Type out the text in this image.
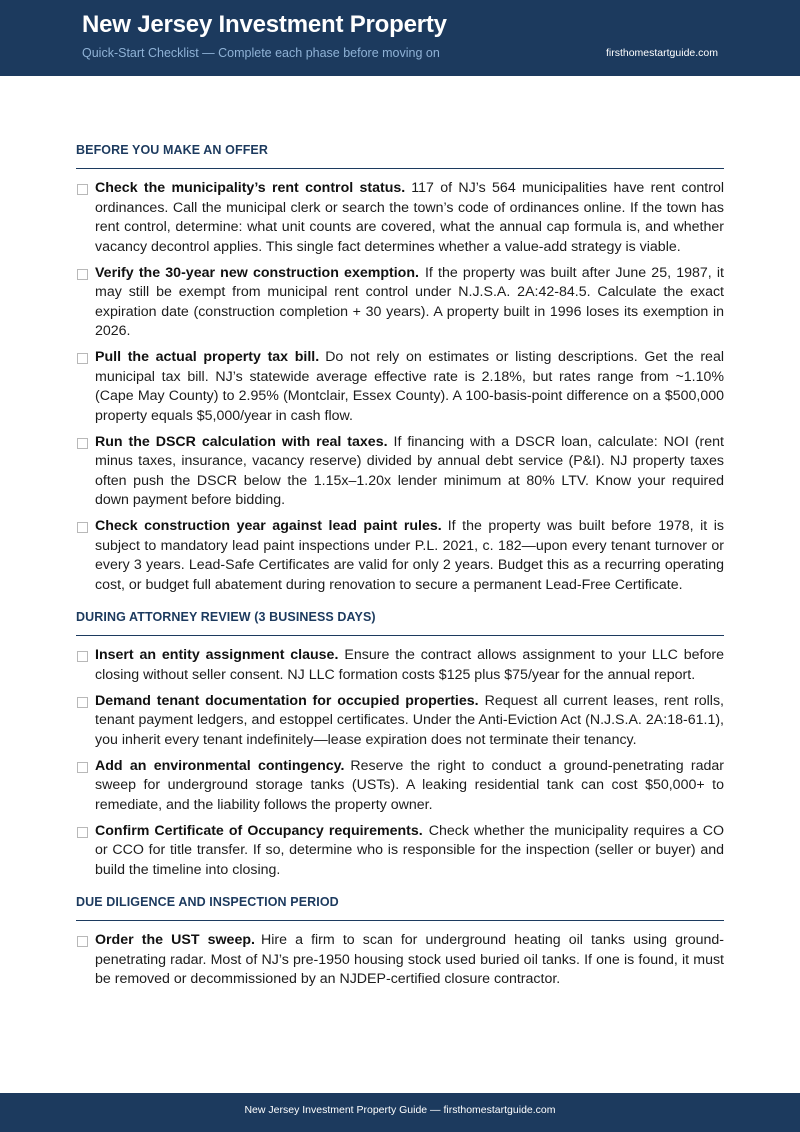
New Jersey Investment Property
Quick-Start Checklist — Complete each phase before moving on	firsthomestartguide.com
BEFORE YOU MAKE AN OFFER
Check the municipality’s rent control status. 117 of NJ’s 564 municipalities have rent control ordinances. Call the municipal clerk or search the town’s code of ordinances online. If the town has rent control, determine: what unit counts are covered, what the annual cap formula is, and whether vacancy decontrol applies. This single fact determines whether a value-add strategy is viable.
Verify the 30-year new construction exemption. If the property was built after June 25, 1987, it may still be exempt from municipal rent control under N.J.S.A. 2A:42-84.5. Calculate the exact expiration date (construction completion + 30 years). A property built in 1996 loses its exemption in 2026.
Pull the actual property tax bill. Do not rely on estimates or listing descriptions. Get the real municipal tax bill. NJ’s statewide average effective rate is 2.18%, but rates range from ~1.10% (Cape May County) to 2.95% (Montclair, Essex County). A 100-basis-point difference on a $500,000 property equals $5,000/year in cash flow.
Run the DSCR calculation with real taxes. If financing with a DSCR loan, calculate: NOI (rent minus taxes, insurance, vacancy reserve) divided by annual debt service (P&I). NJ property taxes often push the DSCR below the 1.15x–1.20x lender minimum at 80% LTV. Know your required down payment before bidding.
Check construction year against lead paint rules. If the property was built before 1978, it is subject to mandatory lead paint inspections under P.L. 2021, c. 182—upon every tenant turnover or every 3 years. Lead-Safe Certificates are valid for only 2 years. Budget this as a recurring operating cost, or budget full abatement during renovation to secure a permanent Lead-Free Certificate.
DURING ATTORNEY REVIEW (3 BUSINESS DAYS)
Insert an entity assignment clause. Ensure the contract allows assignment to your LLC before closing without seller consent. NJ LLC formation costs $125 plus $75/year for the annual report.
Demand tenant documentation for occupied properties. Request all current leases, rent rolls, tenant payment ledgers, and estoppel certificates. Under the Anti-Eviction Act (N.J.S.A. 2A:18-61.1), you inherit every tenant indefinitely—lease expiration does not terminate their tenancy.
Add an environmental contingency. Reserve the right to conduct a ground-penetrating radar sweep for underground storage tanks (USTs). A leaking residential tank can cost $50,000+ to remediate, and the liability follows the property owner.
Confirm Certificate of Occupancy requirements. Check whether the municipality requires a CO or CCO for title transfer. If so, determine who is responsible for the inspection (seller or buyer) and build the timeline into closing.
DUE DILIGENCE AND INSPECTION PERIOD
Order the UST sweep. Hire a firm to scan for underground heating oil tanks using ground-penetrating radar. Most of NJ’s pre-1950 housing stock used buried oil tanks. If one is found, it must be removed or decommissioned by an NJDEP-certified closure contractor.
New Jersey Investment Property Guide — firsthomestartguide.com
